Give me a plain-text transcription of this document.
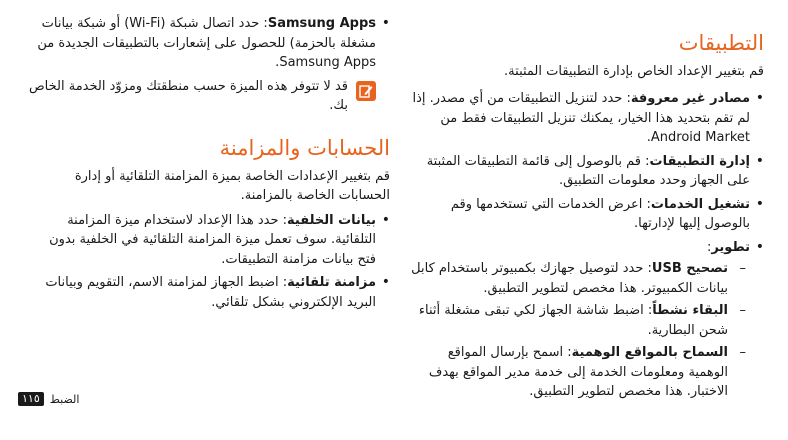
التطبيقات

قم بتغيير الإعداد الخاص بإدارة التطبيقات المثبتة.

• مصادر غير معروفة: حدد لتنزيل التطبيقات من أي مصدر. إذا لم تقم بتحديد هذا الخيار، يمكنك تنزيل التطبيقات فقط من Android Market.
• إدارة التطبيقات: قم بالوصول إلى قائمة التطبيقات المثبتة على الجهاز وحدد معلومات التطبيق.
• تشغيل الخدمات: اعرض الخدمات التي تستخدمها وقم بالوصول إليها لإدارتها.
• تطوير:
– تصحيح USB: حدد لتوصيل جهازك بكمبيوتر باستخدام كابل بيانات الكمبيوتر. هذا مخصص لتطوير التطبيق.
– البقاء نشطاً: اضبط شاشة الجهاز لكي تبقى مشغلة أثناء شحن البطارية.
– السماح بالمواقع الوهمية: اسمح بإرسال المواقع الوهمية ومعلومات الخدمة إلى خدمة مدير المواقع بهدف الاختبار. هذا مخصص لتطوير التطبيق.
• Samsung Apps: حدد اتصال شبكة (Wi-Fi) أو شبكة بيانات مشغلة بالحزمة) للحصول على إشعارات بالتطبيقات الجديدة من Samsung Apps.
قد لا تتوفر هذه الميزة حسب منطقتك ومزوّد الخدمة الخاص بك.
الحسابات والمزامنة

قم بتغيير الإعدادات الخاصة بميزة المزامنة التلقائية أو إدارة الحسابات الخاصة بالمزامنة.

• بيانات الخلفية: حدد هذا الإعداد لاستخدام ميزة المزامنة التلقائية. سوف تعمل ميزة المزامنة التلقائية في الخلفية بدون فتح بيانات مزامنة التطبيقات.
• مزامنة تلقائية: اضبط الجهاز لمزامنة الاسم، التقويم وبيانات البريد الإلكتروني بشكل تلقائي.
الضبط
١١٥
